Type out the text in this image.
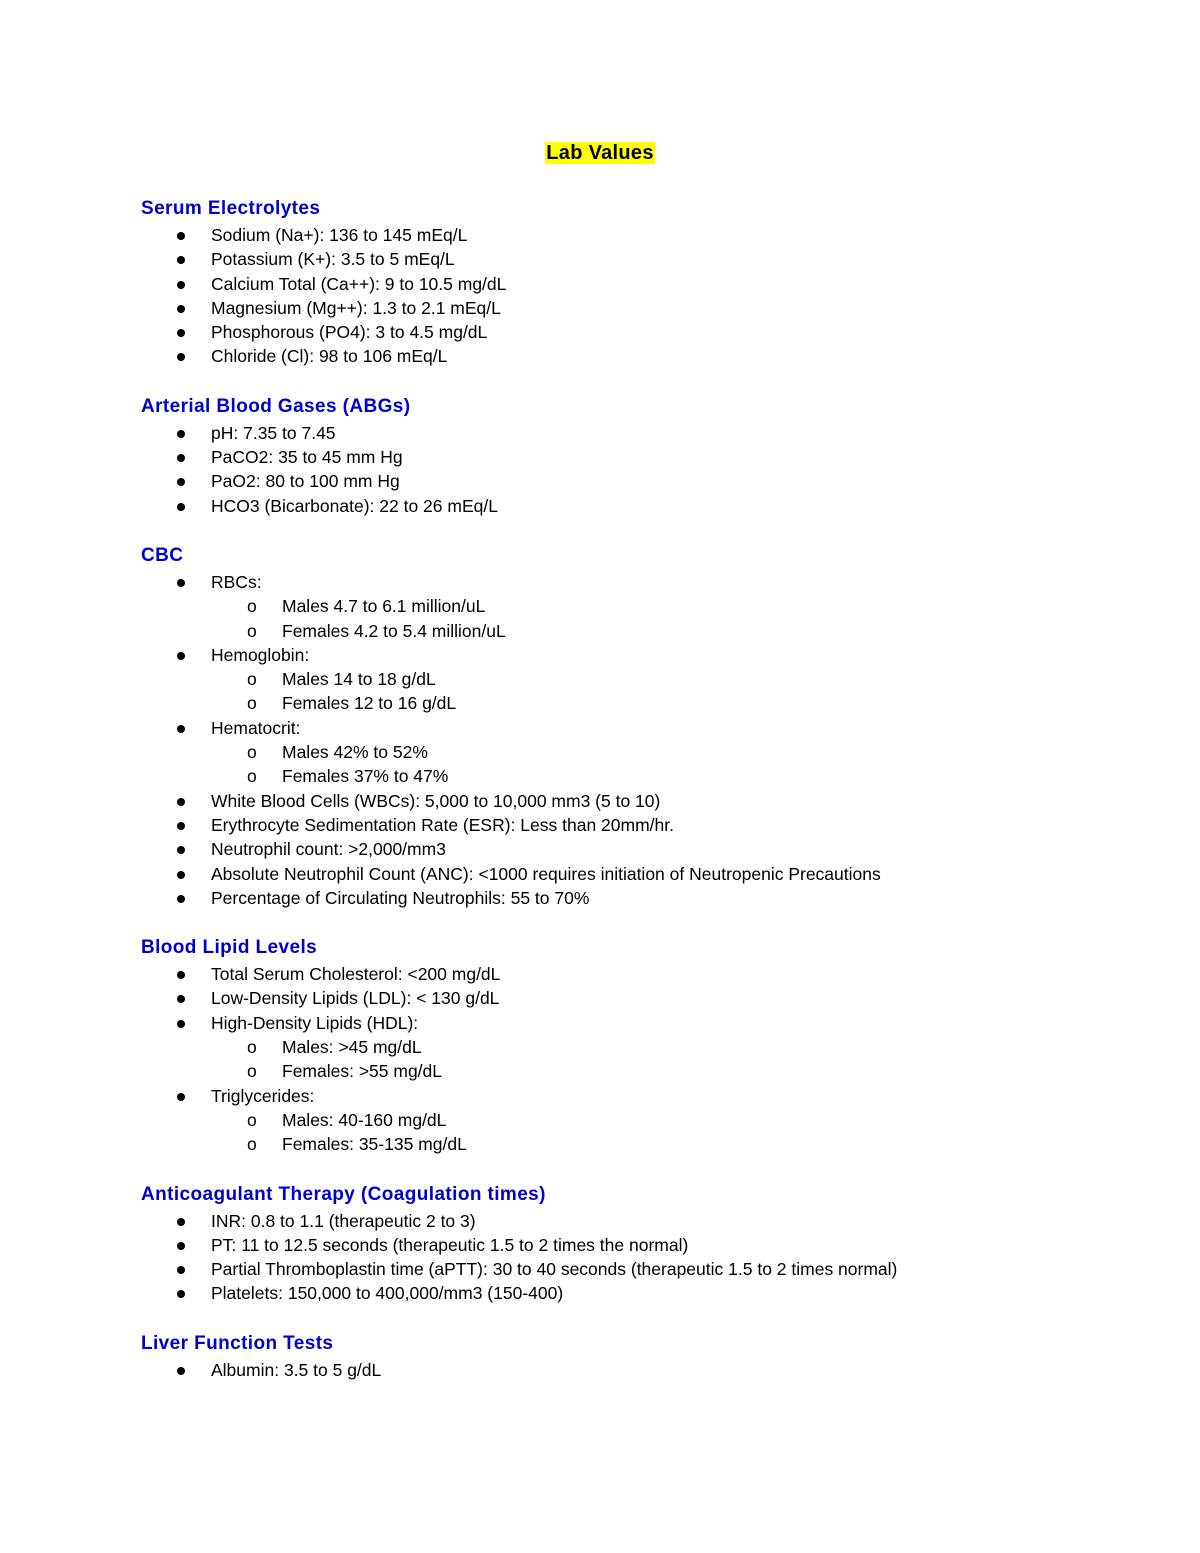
Lab Values
Serum Electrolytes
Sodium (Na+): 136 to 145 mEq/L
Potassium (K+): 3.5 to 5 mEq/L
Calcium Total (Ca++): 9 to 10.5 mg/dL
Magnesium (Mg++): 1.3 to 2.1 mEq/L
Phosphorous (PO4): 3 to 4.5 mg/dL
Chloride (Cl): 98 to 106 mEq/L
Arterial Blood Gases (ABGs)
pH: 7.35 to 7.45
PaCO2: 35 to 45 mm Hg
PaO2: 80 to 100 mm Hg
HCO3 (Bicarbonate): 22 to 26 mEq/L
CBC
RBCs:
o Males 4.7 to 6.1 million/uL
o Females 4.2 to 5.4 million/uL
Hemoglobin:
o Males 14 to 18 g/dL
o Females 12 to 16 g/dL
Hematocrit:
o Males 42% to 52%
o Females 37% to 47%
White Blood Cells (WBCs): 5,000 to 10,000 mm3 (5 to 10)
Erythrocyte Sedimentation Rate (ESR): Less than 20mm/hr.
Neutrophil count: >2,000/mm3
Absolute Neutrophil Count (ANC): <1000 requires initiation of Neutropenic Precautions
Percentage of Circulating Neutrophils: 55 to 70%
Blood Lipid Levels
Total Serum Cholesterol: <200 mg/dL
Low-Density Lipids (LDL): < 130 g/dL
High-Density Lipids (HDL):
o Males: >45 mg/dL
o Females: >55 mg/dL
Triglycerides:
o Males: 40-160 mg/dL
o Females: 35-135 mg/dL
Anticoagulant Therapy (Coagulation times)
INR: 0.8 to 1.1 (therapeutic 2 to 3)
PT: 11 to 12.5 seconds (therapeutic 1.5 to 2 times the normal)
Partial Thromboplastin time (aPTT): 30 to 40 seconds (therapeutic 1.5 to 2 times normal)
Platelets: 150,000 to 400,000/mm3 (150-400)
Liver Function Tests
Albumin: 3.5 to 5 g/dL
